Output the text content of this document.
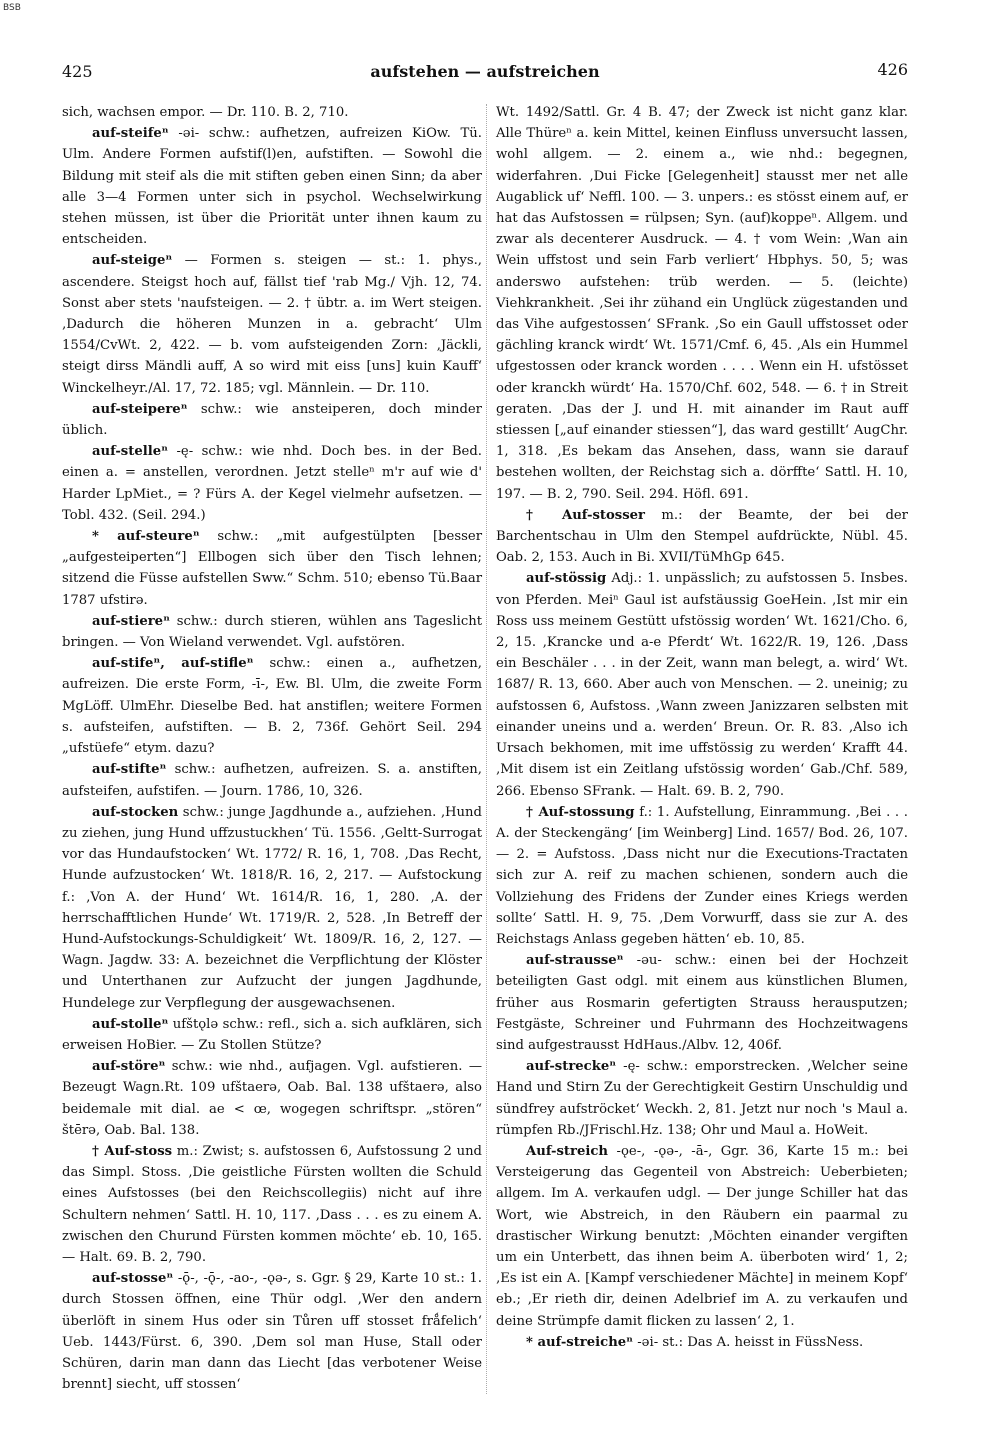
BSB
425	aufstehen — aufstreichen	426

sich, wachsen empor. — Dr. 110. B. 2, 710.

auf-steifeⁿ -əi- schw.: aufhetzen, aufreizen KiOw. Tü. Ulm. Andere Formen aufstif(l)en, aufstiften. — Sowohl die Bildung mit steif als die mit stiften geben einen Sinn; da aber alle 3—4 Formen unter sich in psychol. Wechselwirkung stehen müssen, ist über die Priorität unter ihnen kaum zu entscheiden.

auf-steigeⁿ — Formen s. steigen — st.: 1. phys., ascendere. Steigst hoch auf, fällst tief 'rab Mg./ Vjh. 12, 74. Sonst aber stets 'naufsteigen. — 2. † übtr. a. im Wert steigen. ‚Dadurch die höheren Munzen in a. gebracht‘ Ulm 1554/CvWt. 2, 422. — b. vom aufsteigenden Zorn: ‚Jäckli, steigt dirss Mändli auff, A so wird mit eiss [uns] kuin Kauff‘ Winckelheyr./Al. 17, 72. 185; vgl. Männlein. — Dr. 110.

auf-steipereⁿ schw.: wie ansteiperen, doch minder üblich.

auf-stelleⁿ -ę- schw.: wie nhd. Doch bes. in der Bed. einen a. = anstellen, verordnen. Jetzt stelleⁿ m'r auf wie d' Harder LpMiet., = ? Fürs A. der Kegel vielmehr aufsetzen. — Tobl. 432. (Seil. 294.)

* auf-steureⁿ schw.: „mit aufgestülpten [besser „aufgesteiperten“] Ellbogen sich über den Tisch lehnen; sitzend die Füsse aufstellen Sww.“ Schm. 510; ebenso Tü.Baar 1787 ufstirə.

auf-stiereⁿ schw.: durch stieren, wühlen ans Tageslicht bringen. — Von Wieland verwendet. Vgl. aufstören.

auf-stifeⁿ, auf-stifleⁿ schw.: einen a., aufhetzen, aufreizen. Die erste Form, -ī-, Ew. Bl. Ulm, die zweite Form MgLöff. UlmEhr. Dieselbe Bed. hat anstiflen; weitere Formen s. aufsteifen, aufstiften. — B. 2, 736f. Gehört Seil. 294 „ufstüefe“ etym. dazu?

auf-stifteⁿ schw.: aufhetzen, aufreizen. S. a. anstiften, aufsteifen, aufstifen. — Journ. 1786, 10, 326.

auf-stocken schw.: junge Jagdhunde a., aufziehen. ‚Hund zu ziehen, jung Hund uffzustuckhen‘ Tü. 1556. ‚Geltt-Surrogat vor das Hundaufstocken‘ Wt. 1772/ R. 16, 1, 708. ‚Das Recht, Hunde aufzustocken‘ Wt. 1818/R. 16, 2, 217. — Aufstockung f.: ‚Von A. der Hund‘ Wt. 1614/R. 16, 1, 280. ‚A. der herrschafftlichen Hunde‘ Wt. 1719/R. 2, 528. ‚In Betreff der Hund-Aufstockungs-Schuldigkeit‘ Wt. 1809/R. 16, 2, 127. — Wagn. Jagdw. 33: A. bezeichnet die Verpflichtung der Klöster und Unterthanen zur Aufzucht der jungen Jagdhunde, Hundelege zur Verpflegung der ausgewachsenen.

auf-stolleⁿ ufštǫlə schw.: refl., sich a. sich aufklären, sich erweisen HoBier. — Zu Stollen Stütze?

auf-störeⁿ schw.: wie nhd., aufjagen. Vgl. aufstieren. — Bezeugt Wagn.Rt. 109 ufštaerə, Oab. Bal. 138 ufštaerə, also beidemale mit dial. ae < œ, wogegen schriftspr. „stören“ štērə, Oab. Bal. 138.

† Auf-stoss m.: Zwist; s. aufstossen 6, Aufstossung 2 und das Simpl. Stoss. ‚Die geistliche Fürsten wollten die Schuld eines Aufstosses (bei den Reichscollegiis) nicht auf ihre Schultern nehmen‘ Sattl. H. 10, 117. ‚Dass . . . es zu einem A. zwischen den Churund Fürsten kommen möchte‘ eb. 10, 165. — Halt. 69. B. 2, 790.

auf-stosseⁿ -ǭ-, -ǭ-, -ao-, -ǫə-, s. Ggr. § 29, Karte 10 st.: 1. durch Stossen öffnen, eine Thür odgl. ‚Wer den andern überlöft in sinem Hus oder sin Tůren uff stosset frǻfelich‘ Ueb. 1443/Fürst. 6, 390. ‚Dem sol man Huse, Stall oder Schüren, darin man dann das Liecht [das verbotener Weise brennt] siecht, uff stossen‘

Wt. 1492/Sattl. Gr. 4 B. 47; der Zweck ist nicht ganz klar. Alle Thüreⁿ a. kein Mittel, keinen Einfluss unversucht lassen, wohl allgem. — 2. einem a., wie nhd.: begegnen, widerfahren. ‚Dui Ficke [Gelegenheit] stausst mer net alle Augablick uf‘ Neffl. 100. — 3. unpers.: es stösst einem auf, er hat das Aufstossen = rülpsen; Syn. (auf)koppeⁿ. Allgem. und zwar als decenterer Ausdruck. — 4. † vom Wein: ‚Wan ain Wein uffstost und sein Farb verliert‘ Hbphys. 50, 5; was anderswo aufstehen: trüb werden. — 5. (leichte) Viehkrankheit. ‚Sei ihr zühand ein Unglück zügestanden und das Vihe aufgestossen‘ SFrank. ‚So ein Gaull uffstosset oder gächling kranck wirdt‘ Wt. 1571/Cmf. 6, 45. ‚Als ein Hummel ufgestossen oder kranck worden . . . . Wenn ein H. ufstösset oder kranckh würdt‘ Ha. 1570/Chf. 602, 548. — 6. † in Streit geraten. ‚Das der J. und H. mit ainander im Raut auff stiessen [„auf einander stiessen“], das ward gestillt‘ AugChr. 1, 318. ‚Es bekam das Ansehen, dass, wann sie darauf bestehen wollten, der Reichstag sich a. dörffte‘ Sattl. H. 10, 197. — B. 2, 790. Seil. 294. Höfl. 691.

† Auf-stosser m.: der Beamte, der bei der Barchentschau in Ulm den Stempel aufdrückte, Nübl. 45. Oab. 2, 153. Auch in Bi. XVII/TüMhGp 645.

auf-stössig Adj.: 1. unpässlich; zu aufstossen 5. Insbes. von Pferden. Meiⁿ Gaul ist aufstäussig GoeHein. ‚Ist mir ein Ross uss meinem Gestütt ufstössig worden‘ Wt. 1621/Cho. 6, 2, 15. ‚Krancke und a-e Pferdt‘ Wt. 1622/R. 19, 126. ‚Dass ein Beschäler . . . in der Zeit, wann man belegt, a. wird‘ Wt. 1687/ R. 13, 660. Aber auch von Menschen. — 2. uneinig; zu aufstossen 6, Aufstoss. ‚Wann zween Janizzaren selbsten mit einander uneins und a. werden‘ Breun. Or. R. 83. ‚Also ich Ursach bekhomen, mit ime uffstössig zu werden‘ Krafft 44. ‚Mit disem ist ein Zeitlang ufstössig worden‘ Gab./Chf. 589, 266. Ebenso SFrank. — Halt. 69. B. 2, 790.

† Auf-stossung f.: 1. Aufstellung, Einrammung. ‚Bei . . . A. der Steckengäng‘ [im Weinberg] Lind. 1657/ Bod. 26, 107. — 2. = Aufstoss. ‚Dass nicht nur die Executions-Tractaten sich zur A. reif zu machen schienen, sondern auch die Vollziehung des Fridens der Zunder eines Kriegs werden sollte‘ Sattl. H. 9, 75. ‚Dem Vorwurff, dass sie zur A. des Reichstags Anlass gegeben hätten‘ eb. 10, 85.

auf-strausseⁿ -əu- schw.: einen bei der Hochzeit beteiligten Gast odgl. mit einem aus künstlichen Blumen, früher aus Rosmarin gefertigten Strauss herausputzen; Festgäste, Schreiner und Fuhrmann des Hochzeitwagens sind aufgestrausst HdHaus./Albv. 12, 406f.

auf-streckeⁿ -ę- schw.: emporstrecken. ‚Welcher seine Hand und Stirn Zu der Gerechtigkeit Gestirn Unschuldig und sündfrey aufströcket‘ Weckh. 2, 81. Jetzt nur noch 's Maul a. rümpfen Rb./JFrischl.Hz. 138; Ohr und Maul a. HoWeit.

Auf-streich -ǫe-, -ǫə-, -ā-, Ggr. 36, Karte 15 m.: bei Versteigerung das Gegenteil von Abstreich: Ueberbieten; allgem. Im A. verkaufen udgl. — Der junge Schiller hat das Wort, wie Abstreich, in den Räubern ein paarmal zu drastischer Wirkung benutzt: ‚Möchten einander vergiften um ein Unterbett, das ihnen beim A. überboten wird‘ 1, 2; ‚Es ist ein A. [Kampf verschiedener Mächte] in meinem Kopf‘ eb.; ‚Er rieth dir, deinen Adelbrief im A. zu verkaufen und deine Strümpfe damit flicken zu lassen‘ 2, 1.

* auf-streicheⁿ -əi- st.: Das A. heisst in FüssNess.
